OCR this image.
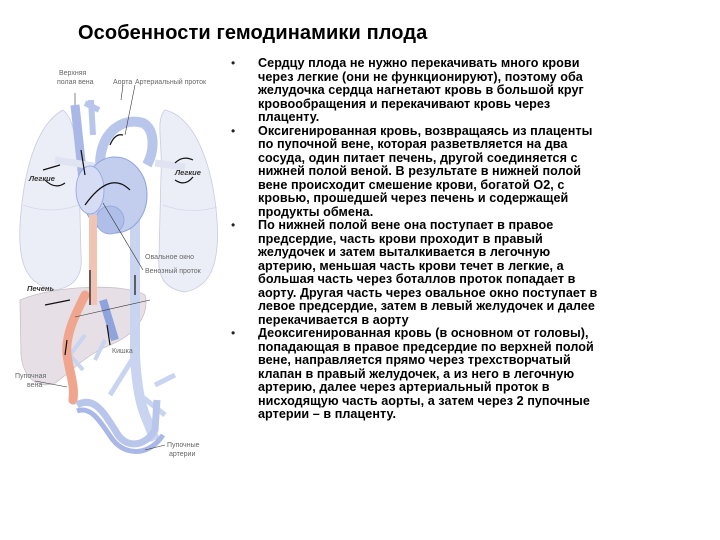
Особенности гемодинамики плода
Верхняя
полая вена	Аорта Артериальный проток
Легкие
Легкие
Овальное окно
Венозный проток
Печень
Кишка
Пупочная
вена
Пупочные
артерии
• Сердцу плода не нужно перекачивать много крови
через легкие (они не функционируют), поэтому оба
желудочка сердца нагнетают кровь в большой круг
кровообращения и перекачивают кровь через
плаценту.
• Оксигенированная кровь, возвращаясь из плаценты
по пупочной вене, которая разветвляется на два
сосуда, один питает печень, другой соединяется с
нижней полой веной. В результате в нижней полой
вене происходит смешение крови, богатой О2, с
кровью, прошедшей через печень и содержащей
продукты обмена.
• По нижней полой вене она поступает в правое
предсердие, часть крови проходит в правый
желудочек и затем выталкивается в легочную
артерию, меньшая часть крови течет в легкие, а
большая часть через боталлов проток попадает в
аорту. Другая часть через овальное окно поступает в
левое предсердие, затем в левый желудочек и далее
перекачивается в аорту
• Деоксигенированная кровь (в основном от головы),
попадающая в правое предсердие по верхней полой
вене, направляется прямо через трехстворчатый
клапан в правый желудочек, а из него в легочную
артерию, далее через артериальный проток в
нисходящую часть аорты, а затем через 2 пупочные
артерии – в плаценту.
